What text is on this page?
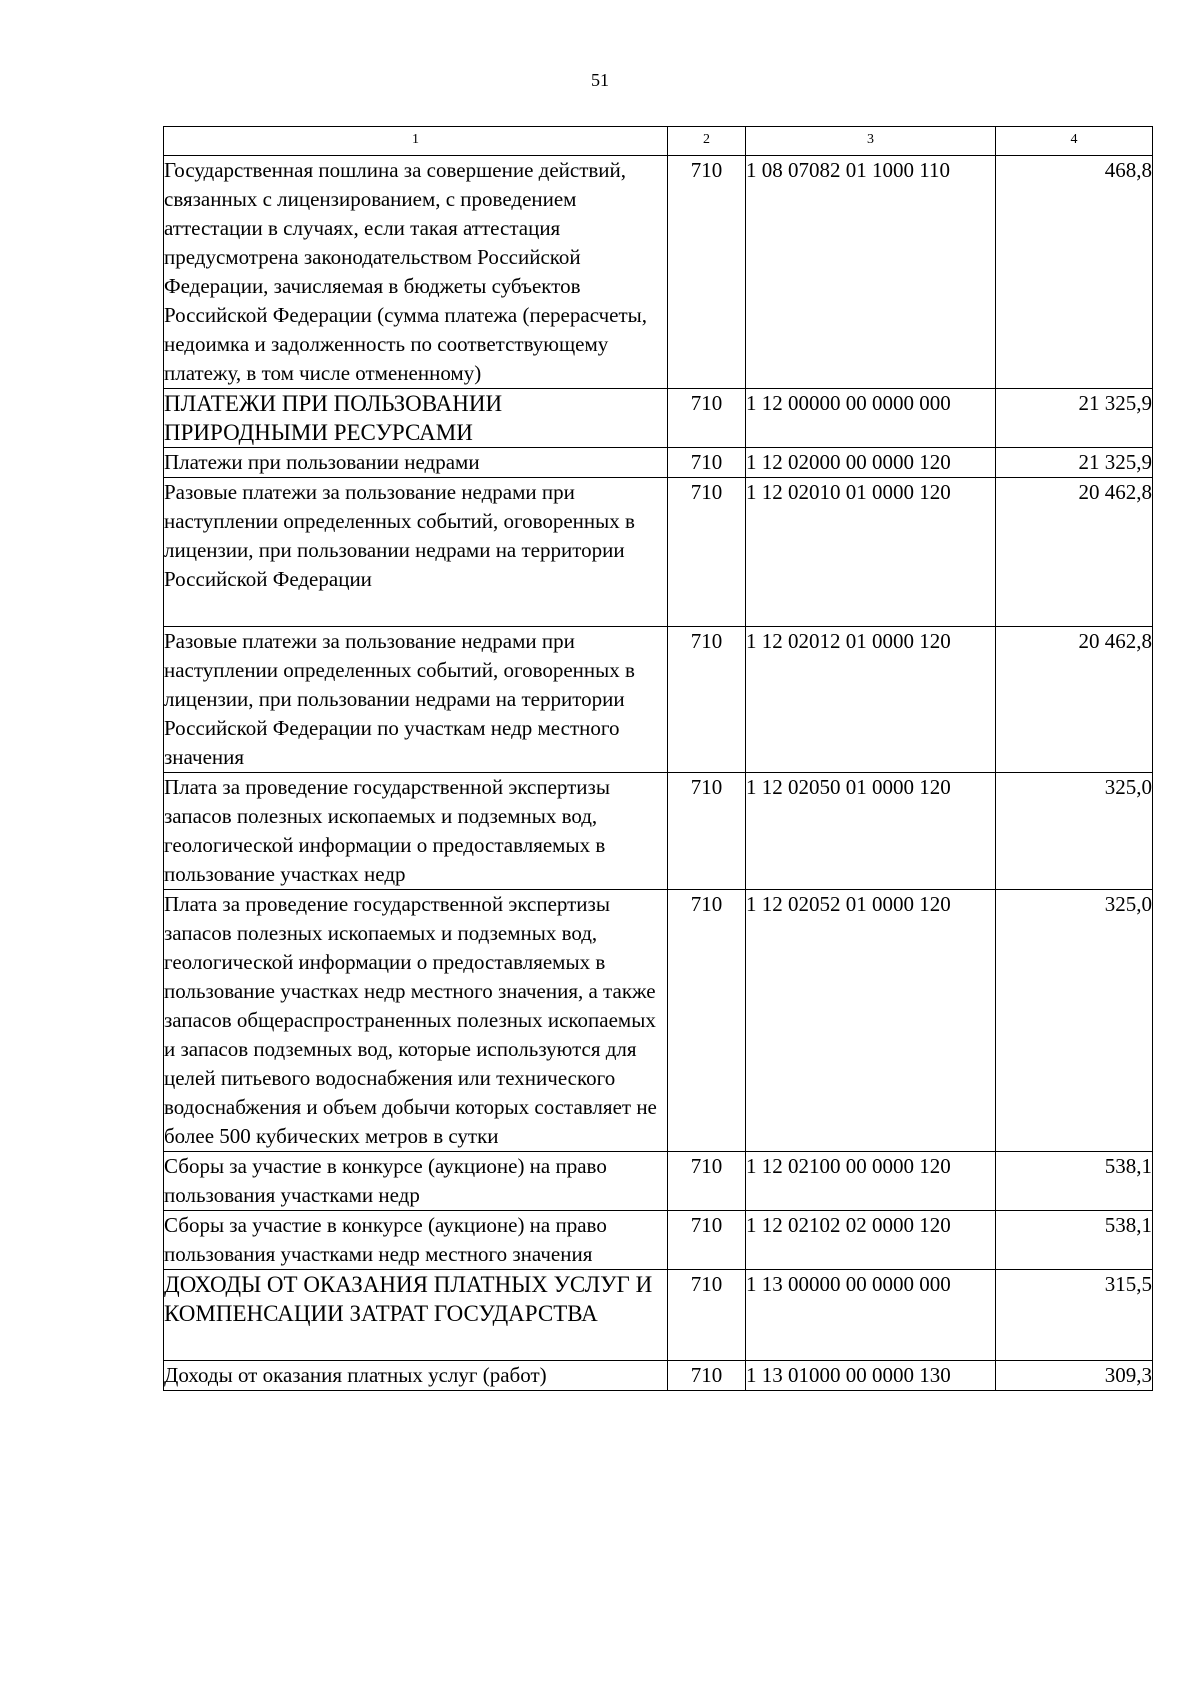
51
1	2	3	4
Государственная пошлина за совершение действий, связанных с лицензированием, с проведением аттестации в случаях, если такая аттестация предусмотрена законодательством Российской Федерации, зачисляемая в бюджеты субъектов Российской Федерации (сумма платежа (перерасчеты, недоимка и задолженность по соответствующему платежу, в том числе отмененному)	710	1 08 07082 01 1000 110	468,8
ПЛАТЕЖИ ПРИ ПОЛЬЗОВАНИИ ПРИРОДНЫМИ РЕСУРСАМИ	710	1 12 00000 00 0000 000	21 325,9
Платежи при пользовании недрами	710	1 12 02000 00 0000 120	21 325,9
Разовые платежи за пользование недрами при наступлении определенных событий, оговоренных в лицензии, при пользовании недрами на территории Российской Федерации	710	1 12 02010 01 0000 120	20 462,8
Разовые платежи за пользование недрами при наступлении определенных событий, оговоренных в лицензии, при пользовании недрами на территории Российской Федерации по участкам недр местного значения	710	1 12 02012 01 0000 120	20 462,8
Плата за проведение государственной экспертизы запасов полезных ископаемых и подземных вод, геологической информации о предоставляемых в пользование участках недр	710	1 12 02050 01 0000 120	325,0
Плата за проведение государственной экспертизы запасов полезных ископаемых и подземных вод, геологической информации о предоставляемых в пользование участках недр местного значения, а также запасов общераспространенных полезных ископаемых и запасов подземных вод, которые используются для целей питьевого водоснабжения или технического водоснабжения и объем добычи которых составляет не более 500 кубических метров в сутки	710	1 12 02052 01 0000 120	325,0
Сборы за участие в конкурсе (аукционе) на право пользования участками недр	710	1 12 02100 00 0000 120	538,1
Сборы за участие в конкурсе (аукционе) на право пользования участками недр местного значения	710	1 12 02102 02 0000 120	538,1
ДОХОДЫ ОТ ОКАЗАНИЯ ПЛАТНЫХ УСЛУГ И КОМПЕНСАЦИИ ЗАТРАТ ГОСУДАРСТВА	710	1 13 00000 00 0000 000	315,5
Доходы от оказания платных услуг (работ)	710	1 13 01000 00 0000 130	309,3
